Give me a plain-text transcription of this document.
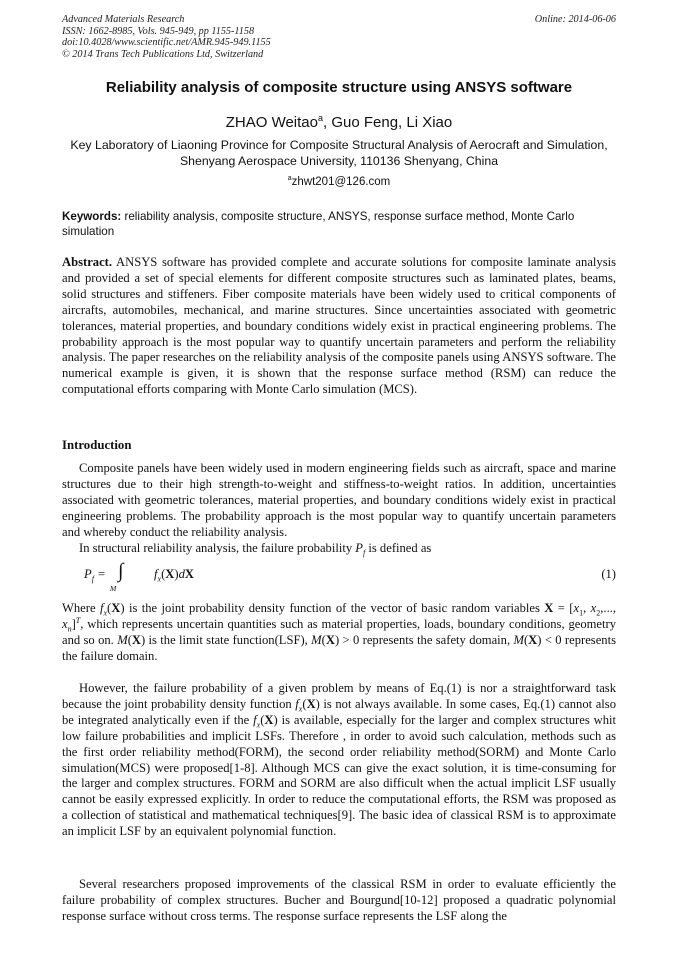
Advanced Materials Research
ISSN: 1662-8985, Vols. 945-949, pp 1155-1158
doi:10.4028/www.scientific.net/AMR.945-949.1155
© 2014 Trans Tech Publications Ltd, Switzerland
Online: 2014-06-06
Reliability analysis of composite structure using ANSYS software
ZHAO Weitao$^a$, Guo Feng, Li Xiao
Key Laboratory of Liaoning Province for Composite Structural Analysis of Aerocraft and Simulation,
Shenyang Aerospace University, 110136 Shenyang, China
$^a$zhwt201@126.com
Keywords: reliability analysis, composite structure, ANSYS, response surface method, Monte Carlo simulation
Abstract. ANSYS software has provided complete and accurate solutions for composite laminate analysis and provided a set of special elements for different composite structures such as laminated plates, beams, solid structures and stiffeners. Fiber composite materials have been widely used to critical components of aircrafts, automobiles, mechanical, and marine structures. Since uncertainties associated with geometric tolerances, material properties, and boundary conditions widely exist in practical engineering problems. The probability approach is the most popular way to quantify uncertain parameters and perform the reliability analysis. The paper researches on the reliability analysis of the composite panels using ANSYS software. The numerical example is given, it is shown that the response surface method (RSM) can reduce the computational efforts comparing with Monte Carlo simulation (MCS).
Introduction
Composite panels have been widely used in modern engineering fields such as aircraft, space and marine structures due to their high strength-to-weight and stiffness-to-weight ratios. In addition, uncertainties associated with geometric tolerances, material properties, and boundary conditions widely exist in practical engineering problems. The probability approach is the most popular way to quantify uncertain parameters and whereby conduct the reliability analysis.
In structural reliability analysis, the failure probability $P_f$ is defined as
$P_f$ = ∫
M
$f_x(X)dX$	(1)
Where $f_x(X)$ is the joint probability density function of the vector of basic random variables $X = [x_1$, $x_2$,..., $x_n]^T$, which represents uncertain quantities such as material properties, loads, boundary conditions, geometry and so on. M(X) is the limit state function(LSF), M(X) > 0 represents the safety domain, M(X) < 0 represents the failure domain.
However, the failure probability of a given problem by means of Eq.(1) is nor a straightforward task because the joint probability density function $f_x(X)$ is not always available. In some cases, Eq.(1) cannot also be integrated analytically even if the $f_x(X)$ is available, especially for the larger and complex structures whit low failure probabilities and implicit LSFs. Therefore , in order to avoid such calculation, methods such as the first order reliability method(FORM), the second order reliability method(SORM) and Monte Carlo simulation(MCS) were proposed[1-8]. Although MCS can give the exact solution, it is time-consuming for the larger and complex structures. FORM and SORM are also difficult when the actual implicit LSF usually cannot be easily expressed explicitly. In order to reduce the computational efforts, the RSM was proposed as a collection of statistical and mathematical techniques[9]. The basic idea of classical RSM is to approximate an implicit LSF by an equivalent polynomial function.
Several researchers proposed improvements of the classical RSM in order to evaluate efficiently the failure probability of complex structures. Bucher and Bourgund[10-12] proposed a quadratic polynomial response surface without cross terms. The response surface represents the LSF along the
